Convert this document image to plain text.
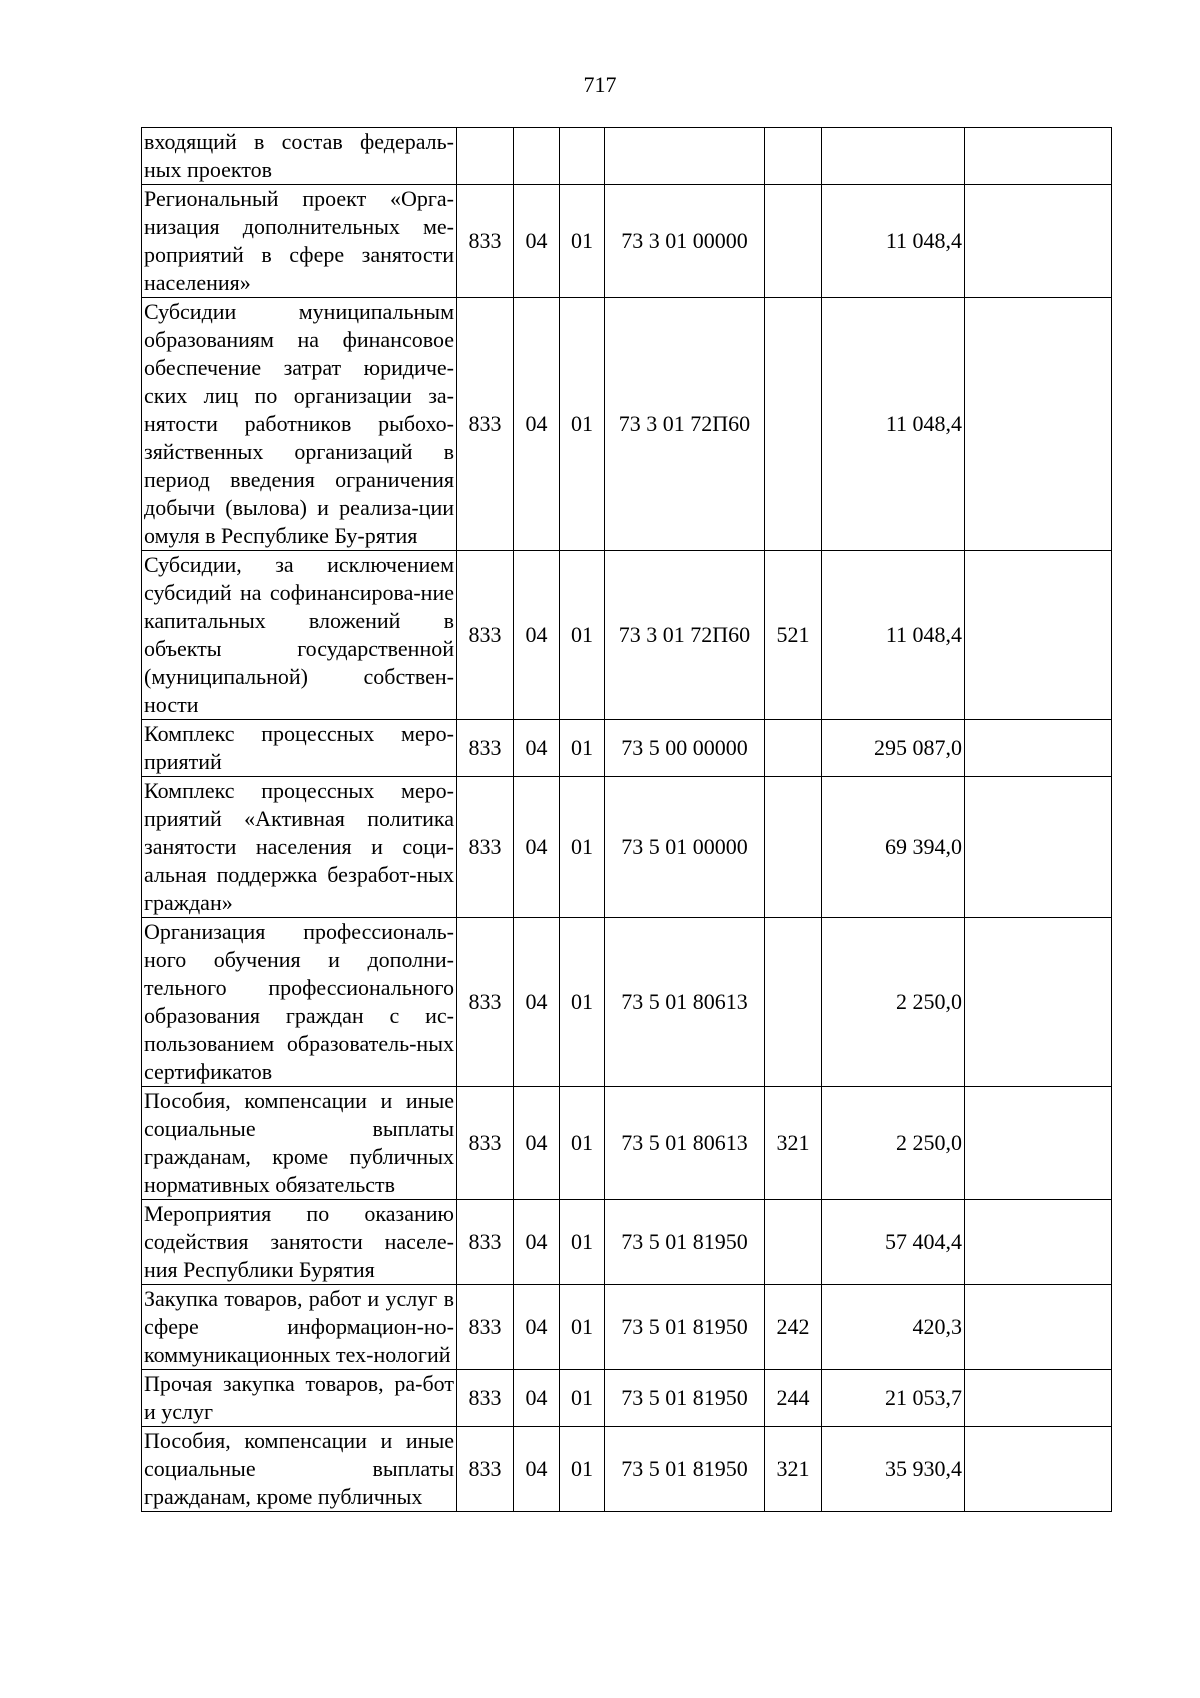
717
входящий в состав федераль-ных проектов							
Региональный проект «Орга-низация дополнительных ме-роприятий в сфере занятости населения»	833	04	01	73 3 01 00000		11 048,4	
Субсидии муниципальным образованиям на финансовое обеспечение затрат юридиче-ских лиц по организации за-нятости работников рыбохо-зяйственных организаций в период введения ограничения добычи (вылова) и реализа-ции омуля в Республике Бу-рятия	833	04	01	73 3 01 72П60		11 048,4	
Субсидии, за исключением субсидий на софинансирова-ние капитальных вложений в объекты государственной (муниципальной) собствен-ности	833	04	01	73 3 01 72П60	521	11 048,4	
Комплекс процессных меро-приятий	833	04	01	73 5 00 00000		295 087,0	
Комплекс процессных меро-приятий «Активная политика занятости населения и соци-альная поддержка безработ-ных граждан»	833	04	01	73 5 01 00000		69 394,0	
Организация профессиональ-ного обучения и дополни-тельного профессионального образования граждан с ис-пользованием образователь-ных сертификатов	833	04	01	73 5 01 80613		2 250,0	
Пособия, компенсации и иные социальные выплаты гражданам, кроме публичных нормативных обязательств	833	04	01	73 5 01 80613	321	2 250,0	
Мероприятия по оказанию содействия занятости населе-ния Республики Бурятия	833	04	01	73 5 01 81950		57 404,4	
Закупка товаров, работ и услуг в сфере информацион-но-коммуникационных тех-нологий	833	04	01	73 5 01 81950	242	420,3	
Прочая закупка товаров, ра-бот и услуг	833	04	01	73 5 01 81950	244	21 053,7	
Пособия, компенсации и иные социальные выплаты гражданам, кроме публичных	833	04	01	73 5 01 81950	321	35 930,4	
